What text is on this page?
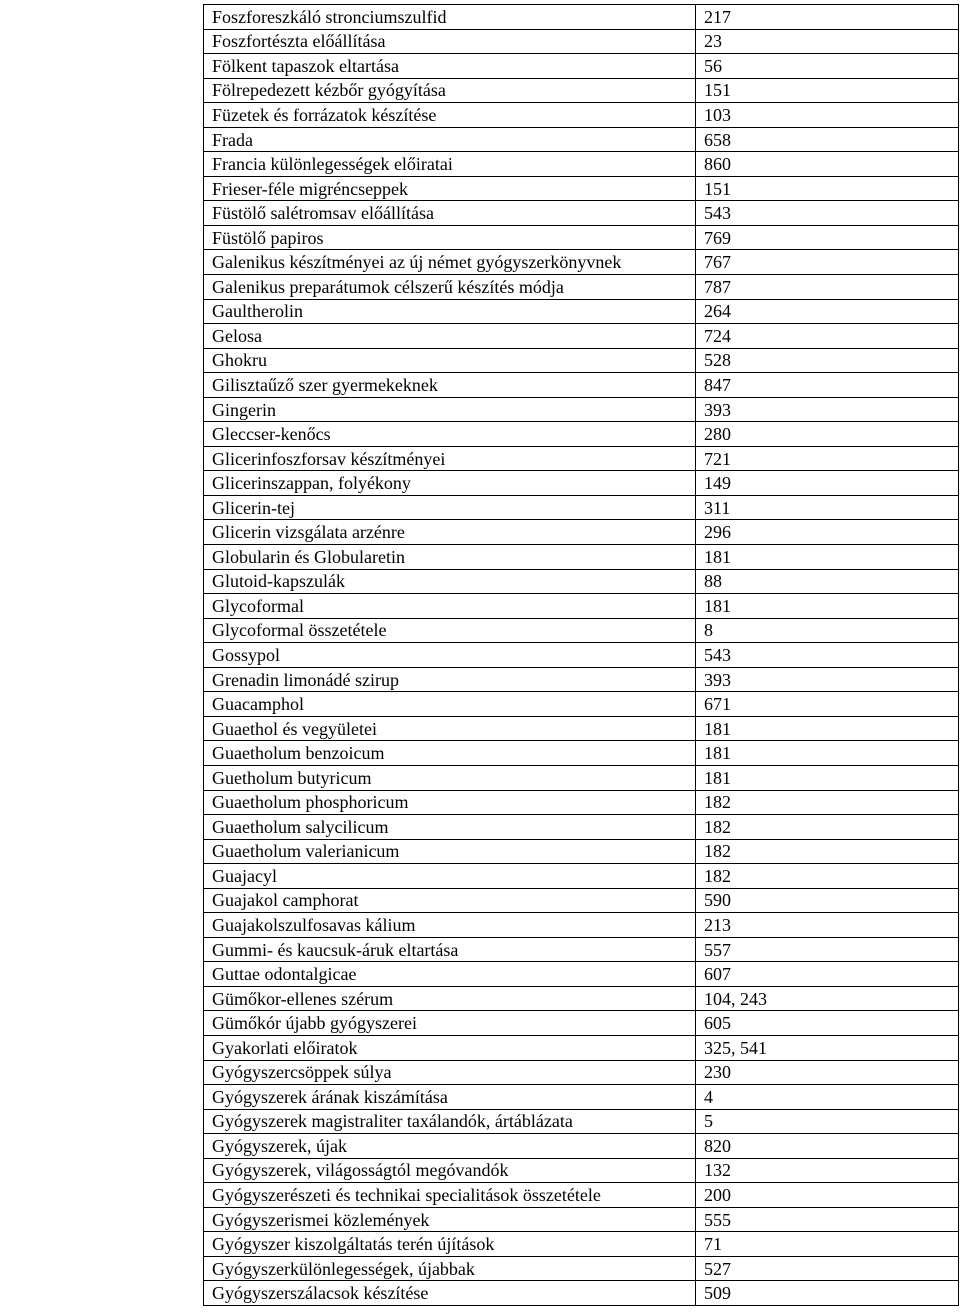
Foszforeszkáló stronciumszulfid	217
Foszfortészta előállítása	23
Fölkent tapaszok eltartása	56
Fölrepedezett kézbőr gyógyítása	151
Füzetek és forrázatok készítése	103
Frada	658
Francia különlegességek előiratai	860
Frieser-féle migréncseppek	151
Füstölő salétromsav előállítása	543
Füstölő papiros	769
Galenikus készítményei az új német gyógyszerkönyvnek	767
Galenikus preparátumok célszerű készítés módja	787
Gaultherolin	264
Gelosa	724
Ghokru	528
Gilisztaűző szer gyermekeknek	847
Gingerin	393
Gleccser-kenőcs	280
Glicerinfoszforsav készítményei	721
Glicerinszappan, folyékony	149
Glicerin-tej	311
Glicerin vizsgálata arzénre	296
Globularin és Globularetin	181
Glutoid-kapszulák	88
Glycoformal	181
Glycoformal összetétele	8
Gossypol	543
Grenadin limonádé szirup	393
Guacamphol	671
Guaethol és vegyületei	181
Guaetholum benzoicum	181
Guetholum butyricum	181
Guaetholum phosphoricum	182
Guaetholum salycilicum	182
Guaetholum valerianicum	182
Guajacyl	182
Guajakol camphorat	590
Guajakolszulfosavas kálium	213
Gummi- és kaucsuk-áruk eltartása	557
Guttae odontalgicae	607
Gümőkor-ellenes szérum	104, 243
Gümőkór újabb gyógyszerei	605
Gyakorlati előiratok	325, 541
Gyógyszercsöppek súlya	230
Gyógyszerek árának kiszámítása	4
Gyógyszerek magistraliter taxálandók, ártáblázata	5
Gyógyszerek, újak	820
Gyógyszerek, világosságtól megóvandók	132
Gyógyszerészeti és technikai specialitások összetétele	200
Gyógyszerismei közlemények	555
Gyógyszer kiszolgáltatás terén újítások	71
Gyógyszerkülönlegességek, újabbak	527
Gyógyszerszálacsok készítése	509
